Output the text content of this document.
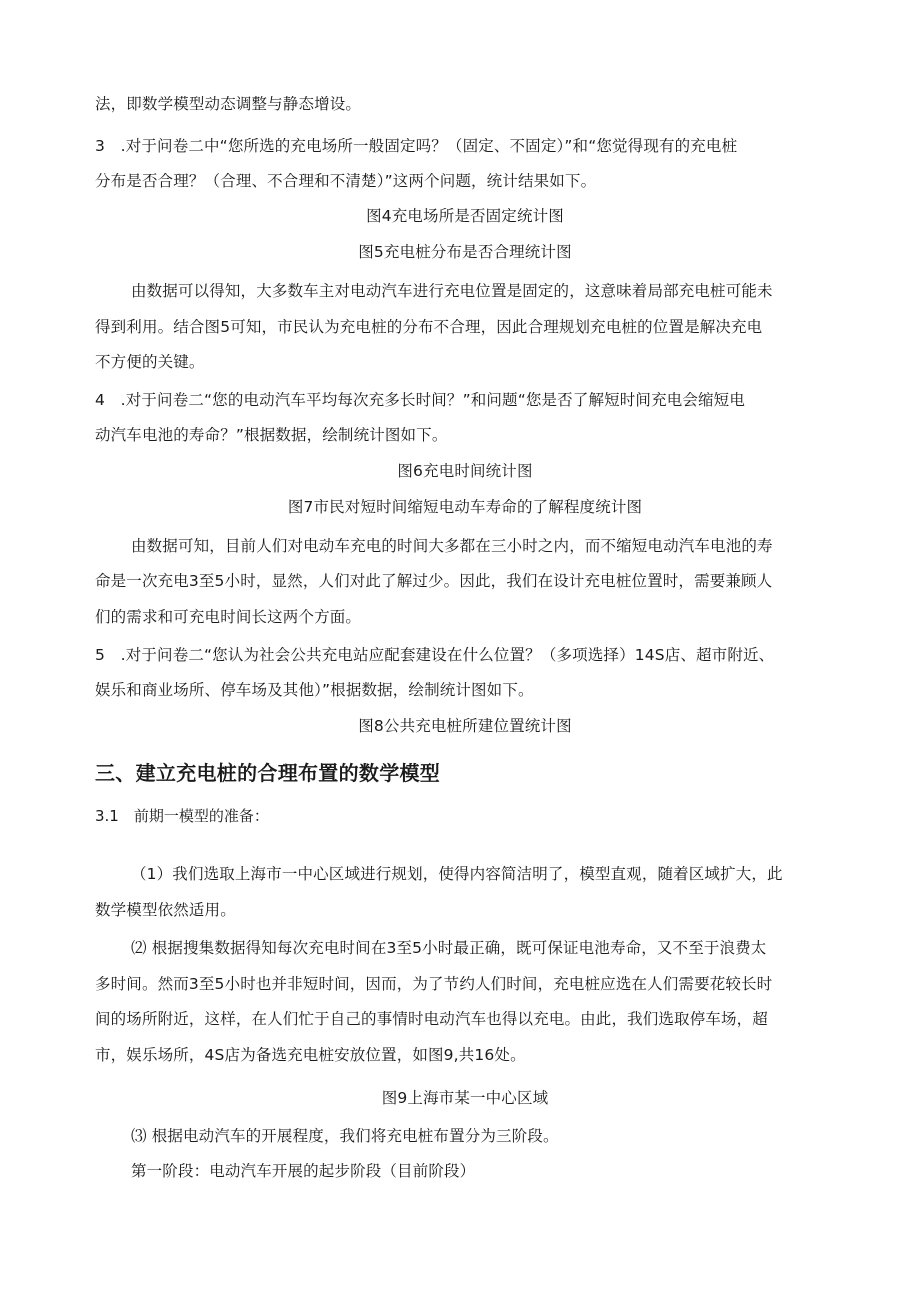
法，即数学模型动态调整与静态增设。
3　.对于问卷二中“您所选的充电场所一般固定吗？（固定、不固定）”和“您觉得现有的充电桩
分布是否合理？（合理、不合理和不清楚）”这两个问题，统计结果如下。
图4充电场所是否固定统计图
图5充电桩分布是否合理统计图
由数据可以得知，大多数车主对电动汽车进行充电位置是固定的，这意味着局部充电桩可能未
得到利用。结合图5可知，市民认为充电桩的分布不合理，因此合理规划充电桩的位置是解决充电
不方便的关键。
4　.对于问卷二“您的电动汽车平均每次充多长时间？”和问题“您是否了解短时间充电会缩短电
动汽车电池的寿命？”根据数据，绘制统计图如下。
图6充电时间统计图
图7市民对短时间缩短电动车寿命的了解程度统计图
由数据可知，目前人们对电动车充电的时间大多都在三小时之内，而不缩短电动汽车电池的寿
命是一次充电3至5小时，显然，人们对此了解过少。因此，我们在设计充电桩位置时，需要兼顾人
们的需求和可充电时间长这两个方面。
5　.对于问卷二“您认为社会公共充电站应配套建设在什么位置？（多项选择）14S店、超市附近、
娱乐和商业场所、停车场及其他）”根据数据，绘制统计图如下。
图8公共充电桩所建位置统计图
三、建立充电桩的合理布置的数学模型
3.1　前期一模型的准备：
（1）我们选取上海市一中心区域进行规划，使得内容简洁明了，模型直观，随着区域扩大，此
数学模型依然适用。
⑵ 根据搜集数据得知每次充电时间在3至5小时最正确，既可保证电池寿命，又不至于浪费太
多时间。然而3至5小时也并非短时间，因而，为了节约人们时间，充电桩应选在人们需要花较长时
间的场所附近，这样，在人们忙于自己的事情时电动汽车也得以充电。由此，我们选取停车场，超
市，娱乐场所，4S店为备选充电桩安放位置，如图9,共16处。
图9上海市某一中心区域
⑶ 根据电动汽车的开展程度，我们将充电桩布置分为三阶段。
第一阶段：电动汽车开展的起步阶段（目前阶段）
